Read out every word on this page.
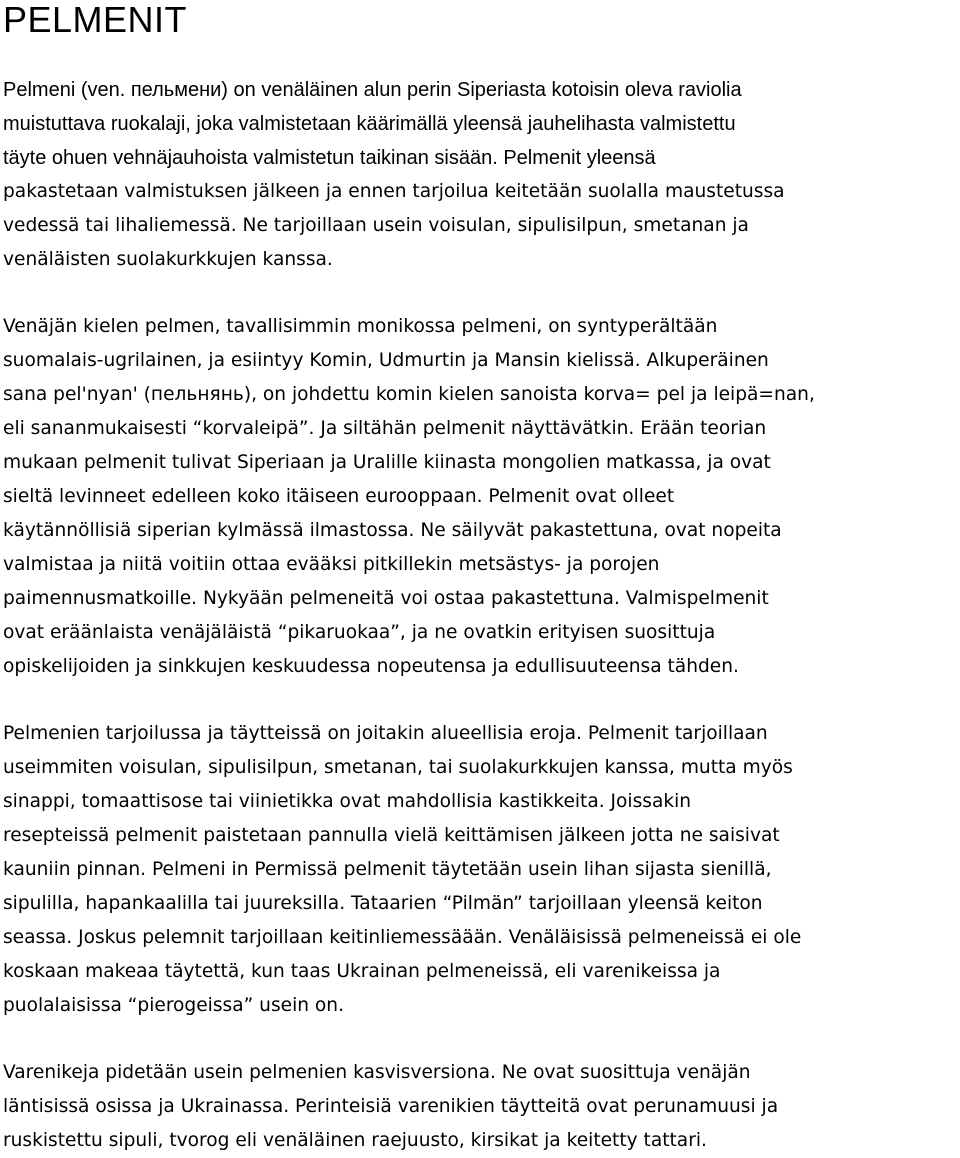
PELMENIT

Pelmeni (ven. пельмени) on venäläinen alun perin Siperiasta kotoisin oleva raviolia
muistuttava ruokalaji, joka valmistetaan käärimällä yleensä jauhelihasta valmistettu
täyte ohuen vehnäjauhoista valmistetun taikinan sisään. Pelmenit yleensä
pakastetaan valmistuksen jälkeen ja ennen tarjoilua keitetään suolalla maustetussa
vedessä tai lihaliemessä. Ne tarjoillaan usein voisulan, sipulisilpun, smetanan ja
venäläisten suolakurkkujen kanssa.

Venäjän kielen pelmen, tavallisimmin monikossa pelmeni, on syntyperältään
suomalais-ugrilainen, ja esiintyy Komin, Udmurtin ja Mansin kielissä. Alkuperäinen
sana pel'nyan' (пельнянь), on johdettu komin kielen sanoista korva= pel ja leipä=nan,
eli sananmukaisesti “korvaleipä”. Ja siltähän pelmenit näyttävätkin. Erään teorian
mukaan pelmenit tulivat Siperiaan ja Uralille kiinasta mongolien matkassa, ja ovat
sieltä levinneet edelleen koko itäiseen eurooppaan. Pelmenit ovat olleet
käytännöllisiä siperian kylmässä ilmastossa. Ne säilyvät pakastettuna, ovat nopeita
valmistaa ja niitä voitiin ottaa evääksi pitkillekin metsästys- ja porojen
paimennusmatkoille. Nykyään pelmeneitä voi ostaa pakastettuna. Valmispelmenit
ovat eräänlaista venäjäläistä “pikaruokaa”, ja ne ovatkin erityisen suosittuja
opiskelijoiden ja sinkkujen keskuudessa nopeutensa ja edullisuuteensa tähden.

Pelmenien tarjoilussa ja täytteissä on joitakin alueellisia eroja. Pelmenit tarjoillaan
useimmiten voisulan, sipulisilpun, smetanan, tai suolakurkkujen kanssa, mutta myös
sinappi, tomaattisose tai viinietikka ovat mahdollisia kastikkeita. Joissakin
resepteissä pelmenit paistetaan pannulla vielä keittämisen jälkeen jotta ne saisivat
kauniin pinnan. Pelmeni in Permissä pelmenit täytetään usein lihan sijasta sienillä,
sipulilla, hapankaalilla tai juureksilla. Tataarien “Pilmän” tarjoillaan yleensä keiton
seassa. Joskus pelemnit tarjoillaan keitinliemessäään. Venäläisissä pelmeneissä ei ole
koskaan makeaa täytettä, kun taas Ukrainan pelmeneissä, eli varenikeissa ja
puolalaisissa “pierogeissa” usein on.

Varenikeja pidetään usein pelmenien kasvisversiona. Ne ovat suosittuja venäjän
läntisissä osissa ja Ukrainassa. Perinteisiä varenikien täytteitä ovat perunamuusi ja
ruskistettu sipuli, tvorog eli venäläinen raejuusto, kirsikat ja keitetty tattari.
